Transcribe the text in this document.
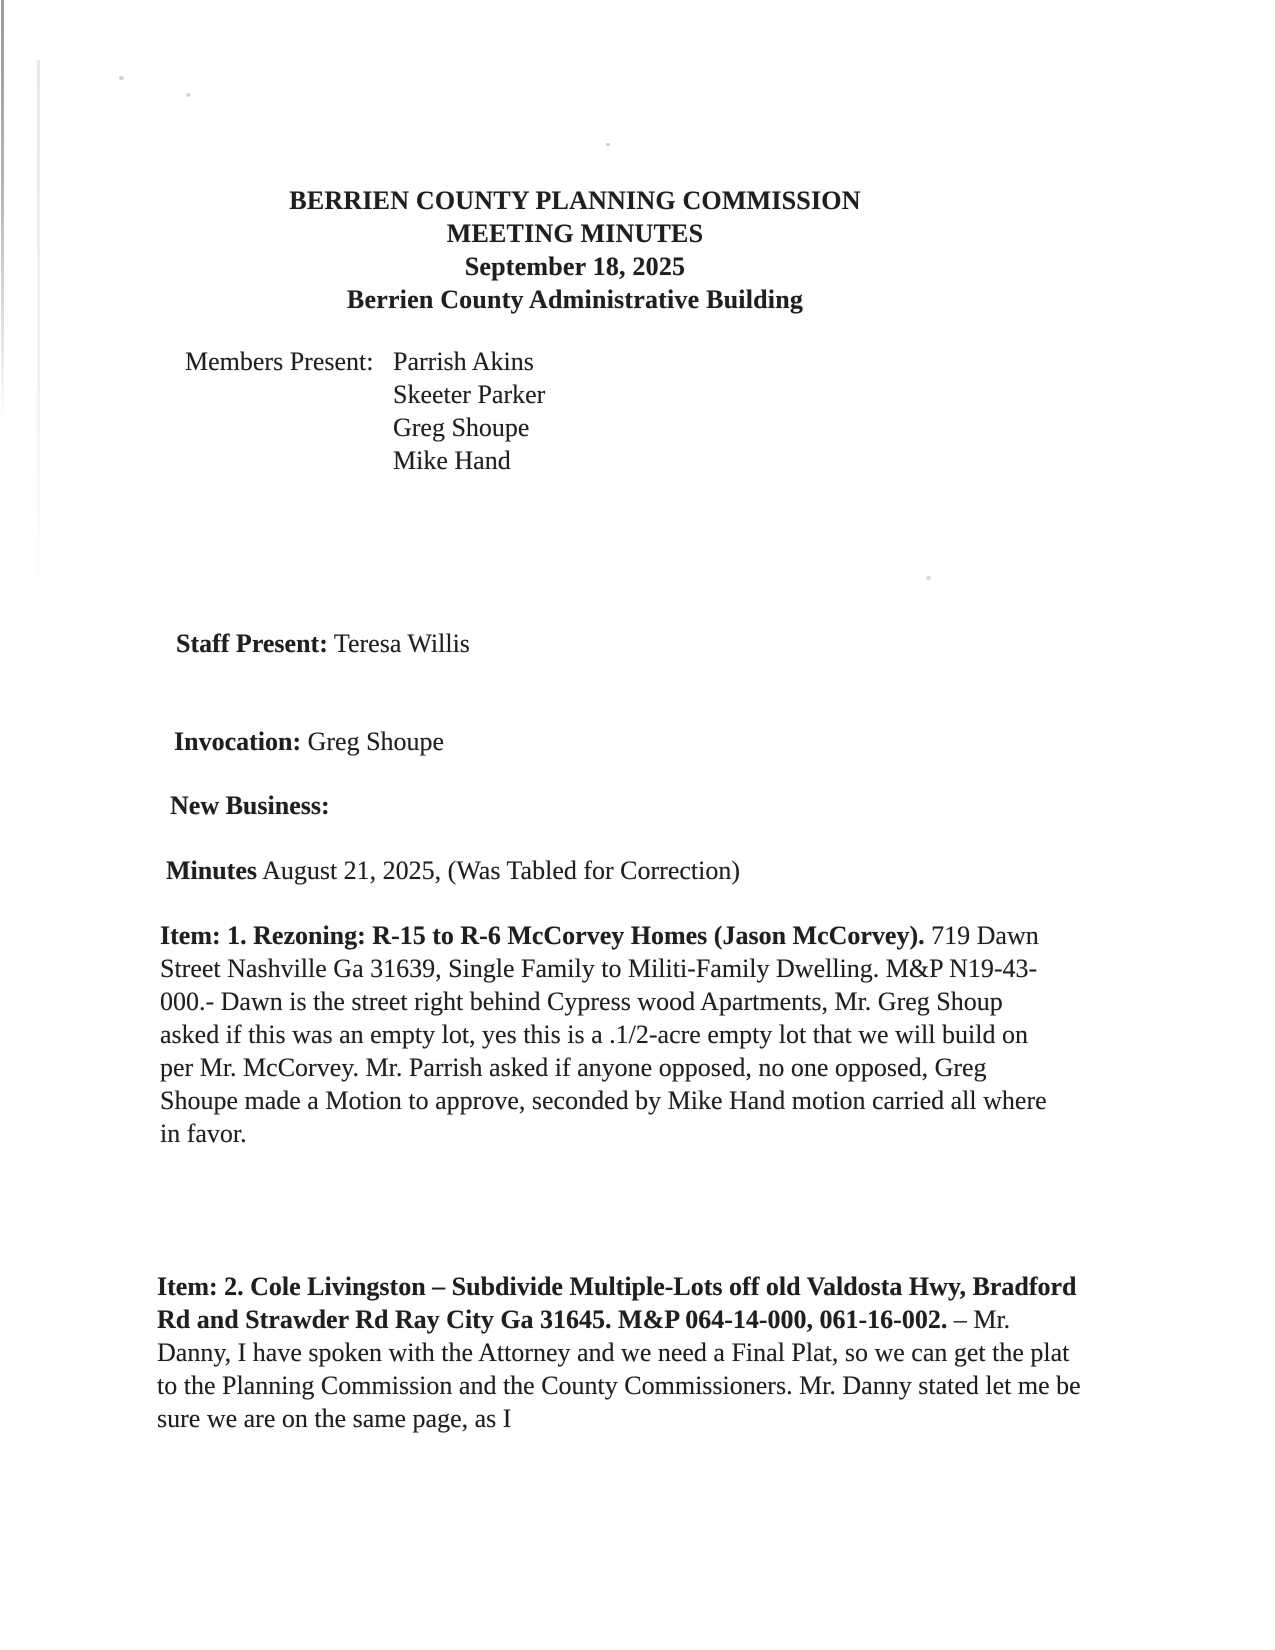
BERRIEN COUNTY PLANNING COMMISSION
MEETING MINUTES
September 18, 2025
Berrien County Administrative Building
Members Present: Parrish Akins
Skeeter Parker
Greg Shoupe
Mike Hand
Staff Present: Teresa Willis
Invocation: Greg Shoupe
New Business:
Minutes August 21, 2025, (Was Tabled for Correction)

Item: 1. Rezoning: R-15 to R-6 McCorvey Homes (Jason McCorvey). 719 Dawn Street Nashville Ga 31639, Single Family to Militi-Family Dwelling. M&P N19-43-000.- Dawn is the street right behind Cypress wood Apartments, Mr. Greg Shoup asked if this was an empty lot, yes this is a .1/2-acre empty lot that we will build on per Mr. McCorvey. Mr. Parrish asked if anyone opposed, no one opposed, Greg Shoupe made a Motion to approve, seconded by Mike Hand motion carried all where in favor.

Item: 2. Cole Livingston – Subdivide Multiple-Lots off old Valdosta Hwy, Bradford Rd and Strawder Rd Ray City Ga 31645. M&P 064-14-000, 061-16-002. – Mr. Danny, I have spoken with the Attorney and we need a Final Plat, so we can get the plat to the Planning Commission and the County Commissioners. Mr. Danny stated let me be sure we are on the same page, as I
